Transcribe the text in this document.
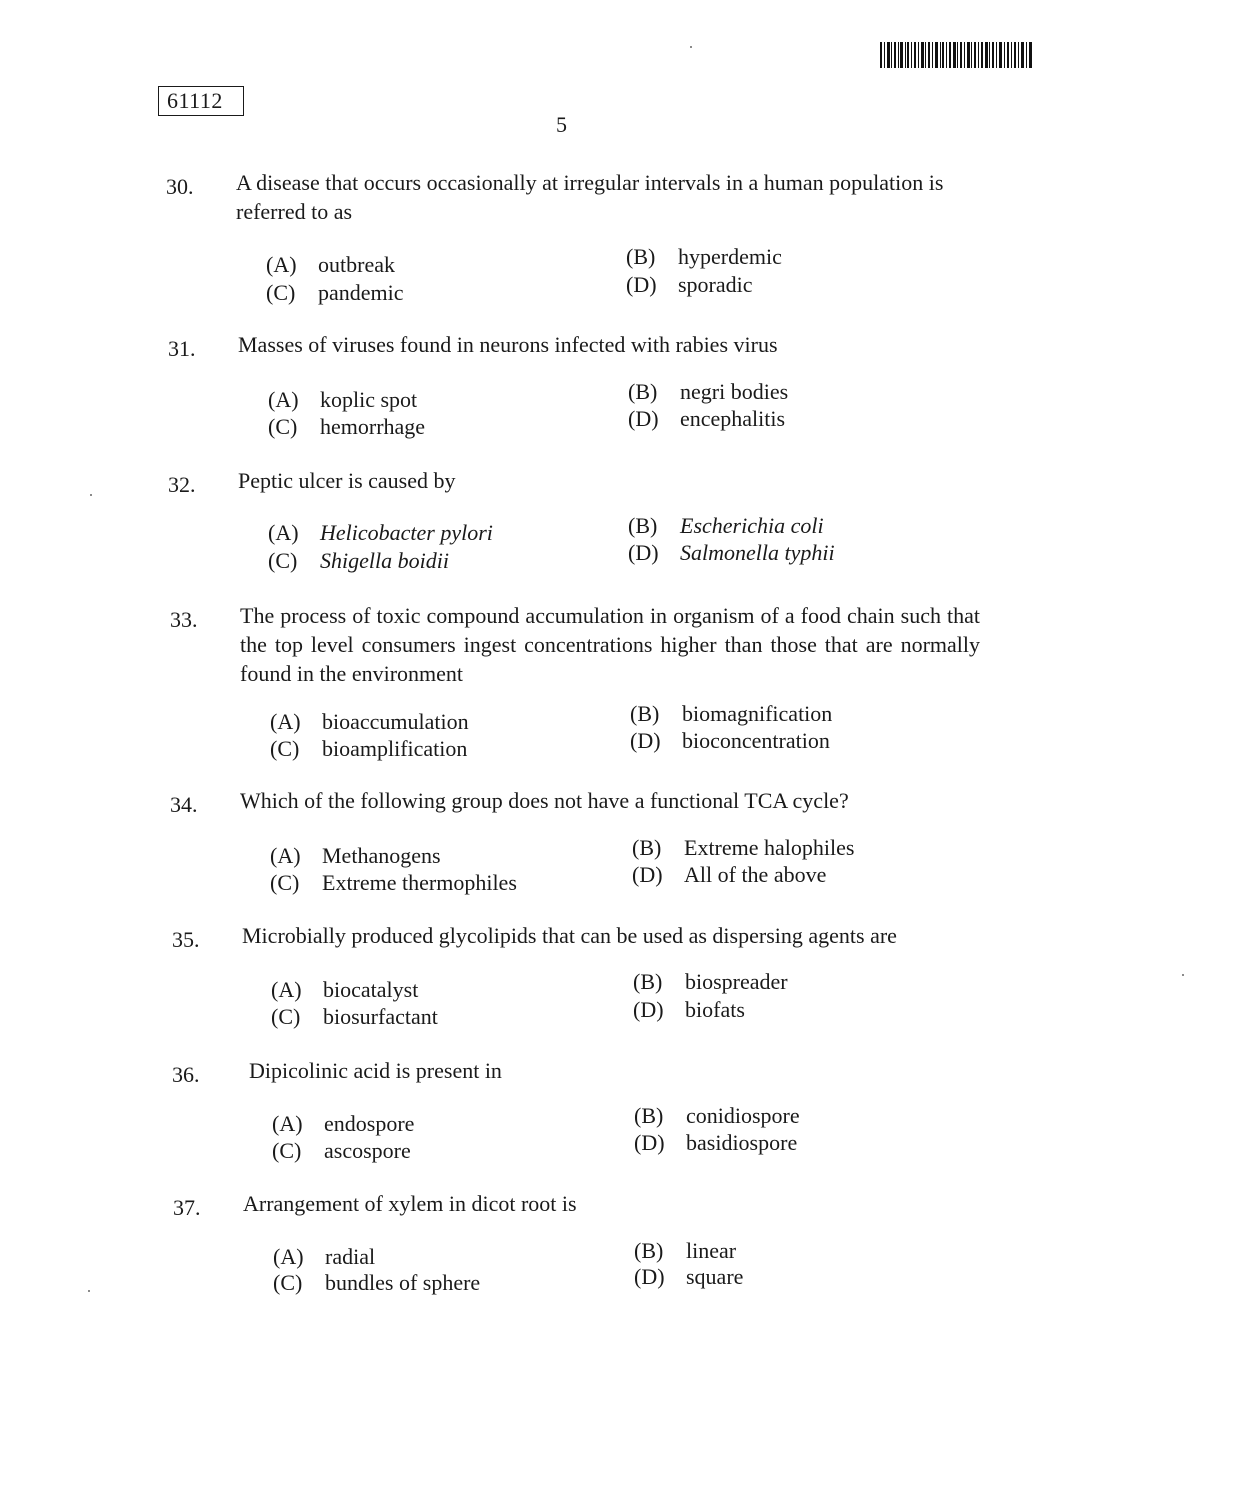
61112
5
30. A disease that occurs occasionally at irregular intervals in a human population is referred to as
(A) outbreak	(B) hyperdemic
(C) pandemic	(D) sporadic
31. Masses of viruses found in neurons infected with rabies virus
(A) koplic spot	(B) negri bodies
(C) hemorrhage	(D) encephalitis
32. Peptic ulcer is caused by
(A) Helicobacter pylori	(B) Escherichia coli
(C) Shigella boidii	(D) Salmonella typhii
33. The process of toxic compound accumulation in organism of a food chain such that the top level consumers ingest concentrations higher than those that are normally found in the environment
(A) bioaccumulation	(B) biomagnification
(C) bioamplification	(D) bioconcentration
34. Which of the following group does not have a functional TCA cycle?
(A) Methanogens	(B) Extreme halophiles
(C) Extreme thermophiles	(D) All of the above
35. Microbially produced glycolipids that can be used as dispersing agents are
(A) biocatalyst	(B) biospreader
(C) biosurfactant	(D) biofats
36. Dipicolinic acid is present in
(A) endospore	(B) conidiospore
(C) ascospore	(D) basidiospore
37. Arrangement of xylem in dicot root is
(A) radial	(B) linear
(C) bundles of sphere	(D) square
